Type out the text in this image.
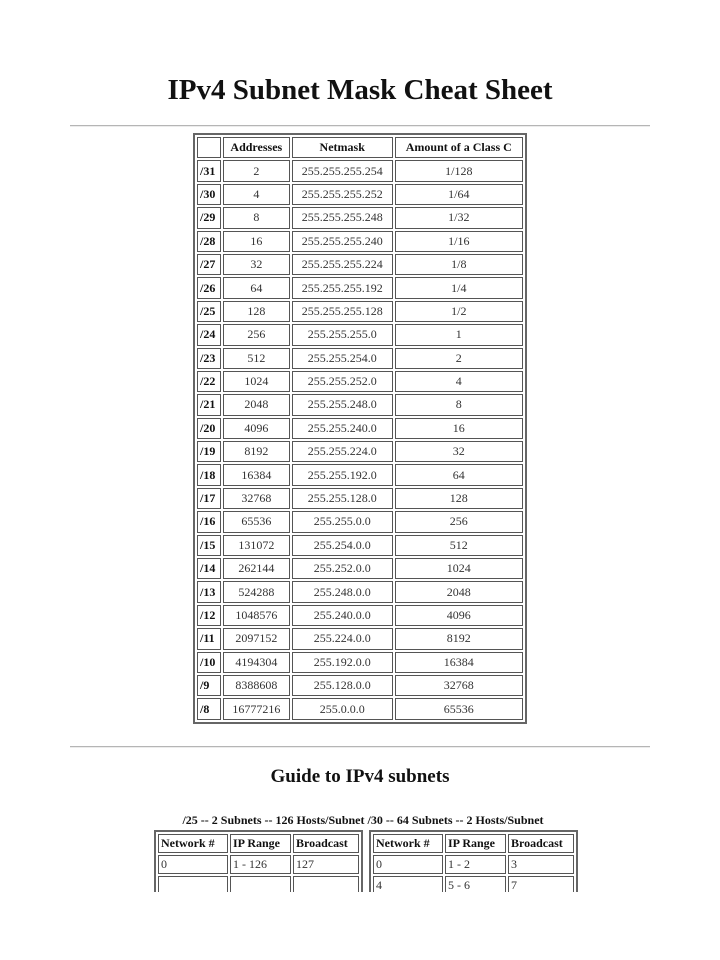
IPv4 Subnet Mask Cheat Sheet
	Addresses	Netmask	Amount of a Class C
/31	2	255.255.255.254	1/128
/30	4	255.255.255.252	1/64
/29	8	255.255.255.248	1/32
/28	16	255.255.255.240	1/16
/27	32	255.255.255.224	1/8
/26	64	255.255.255.192	1/4
/25	128	255.255.255.128	1/2
/24	256	255.255.255.0	1
/23	512	255.255.254.0	2
/22	1024	255.255.252.0	4
/21	2048	255.255.248.0	8
/20	4096	255.255.240.0	16
/19	8192	255.255.224.0	32
/18	16384	255.255.192.0	64
/17	32768	255.255.128.0	128
/16	65536	255.255.0.0	256
/15	131072	255.254.0.0	512
/14	262144	255.252.0.0	1024
/13	524288	255.248.0.0	2048
/12	1048576	255.240.0.0	4096
/11	2097152	255.224.0.0	8192
/10	4194304	255.192.0.0	16384
/9	8388608	255.128.0.0	32768
/8	16777216	255.0.0.0	65536
Guide to IPv4 subnets
/25 -- 2 Subnets -- 126 Hosts/Subnet /30 -- 64 Subnets -- 2 Hosts/Subnet
Network #	IP Range	Broadcast
0	1 - 126	127

Network #	IP Range	Broadcast
0	1 - 2	3
4	5 - 6	7
